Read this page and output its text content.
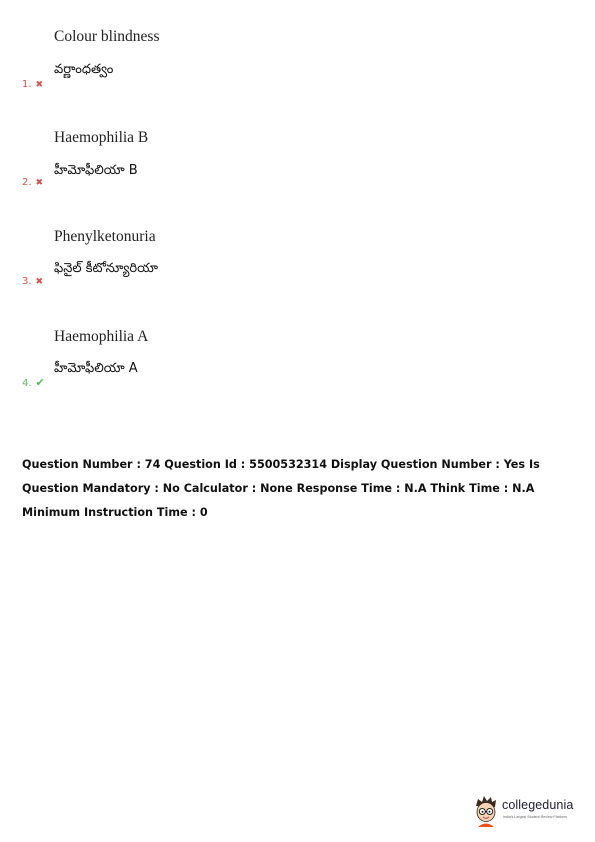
Colour blindness
వర్ణాంధత్వం
1. ✖
Haemophilia B
హీమోఫీలియా B
2. ✖
Phenylketonuria
ఫినైల్ కీటోన్యూరియా
3. ✖
Haemophilia A
హీమోఫీలియా A
4. ✔
Question Number : 74 Question Id : 5500532314 Display Question Number : Yes Is Question Mandatory : No Calculator : None Response Time : N.A Think Time : N.A Minimum Instruction Time : 0
collegedunia
India's Largest Student Review Platform
